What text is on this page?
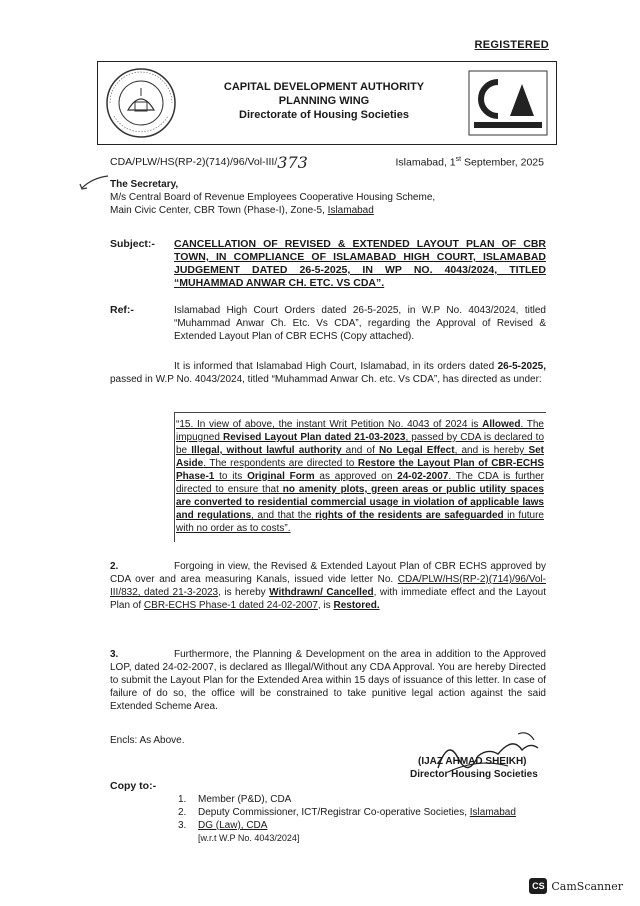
REGISTERED
CAPITAL DEVELOPMENT AUTHORITY
PLANNING WING
Directorate of Housing Societies
CDA/PLW/HS(RP-2)(714)/96/Vol-III/373	Islamabad, 1st September, 2025
The Secretary,
M/s Central Board of Revenue Employees Cooperative Housing Scheme,
Main Civic Center, CBR Town (Phase-I), Zone-5, Islamabad
Subject:- CANCELLATION OF REVISED & EXTENDED LAYOUT PLAN OF CBR TOWN, IN COMPLIANCE OF ISLAMABAD HIGH COURT, ISLAMABAD JUDGEMENT DATED 26-5-2025, IN WP NO. 4043/2024, TITLED “MUHAMMAD ANWAR CH. ETC. VS CDA”.
Ref:-	Islamabad High Court Orders dated 26-5-2025, in W.P No. 4043/2024, titled “Muhammad Anwar Ch. Etc. Vs CDA”, regarding the Approval of Revised & Extended Layout Plan of CBR ECHS (Copy attached).
It is informed that Islamabad High Court, Islamabad, in its orders dated 26-5-2025, passed in W.P No. 4043/2024, titled “Muhammad Anwar Ch. etc. Vs CDA”, has directed as under:
“15. In view of above, the instant Writ Petition No. 4043 of 2024 is Allowed. The impugned Revised Layout Plan dated 21-03-2023, passed by CDA is declared to be Illegal, without lawful authority and of No Legal Effect, and is hereby Set Aside. The respondents are directed to Restore the Layout Plan of CBR-ECHS Phase-1 to its Original Form as approved on 24-02-2007. The CDA is further directed to ensure that no amenity plots, green areas or public utility spaces are converted to residential commercial usage in violation of applicable laws and regulations, and that the rights of the residents are safeguarded in future with no order as to costs”.
2.	Forgoing in view, the Revised & Extended Layout Plan of CBR ECHS approved by CDA over and area measuring Kanals, issued vide letter No. CDA/PLW/HS(RP-2)(714)/96/Vol-III/832, dated 21-3-2023, is hereby Withdrawn/ Cancelled, with immediate effect and the Layout Plan of CBR-ECHS Phase-1 dated 24-02-2007, is Restored.
3.	Furthermore, the Planning & Development on the area in addition to the Approved LOP, dated 24-02-2007, is declared as Illegal/Without any CDA Approval. You are hereby Directed to submit the Layout Plan for the Extended Area within 15 days of issuance of this letter. In case of failure of do so, the office will be constrained to take punitive legal action against the said Extended Scheme Area.
Encls: As Above.
(IJAZ AHMAD SHEIKH)
Director Housing Societies
Copy to:-
1.	Member (P&D), CDA
2.	Deputy Commissioner, ICT/Registrar Co-operative Societies, Islamabad
3.	DG (Law), CDA
[w.r.t W.P No. 4043/2024]
CS CamScanner
